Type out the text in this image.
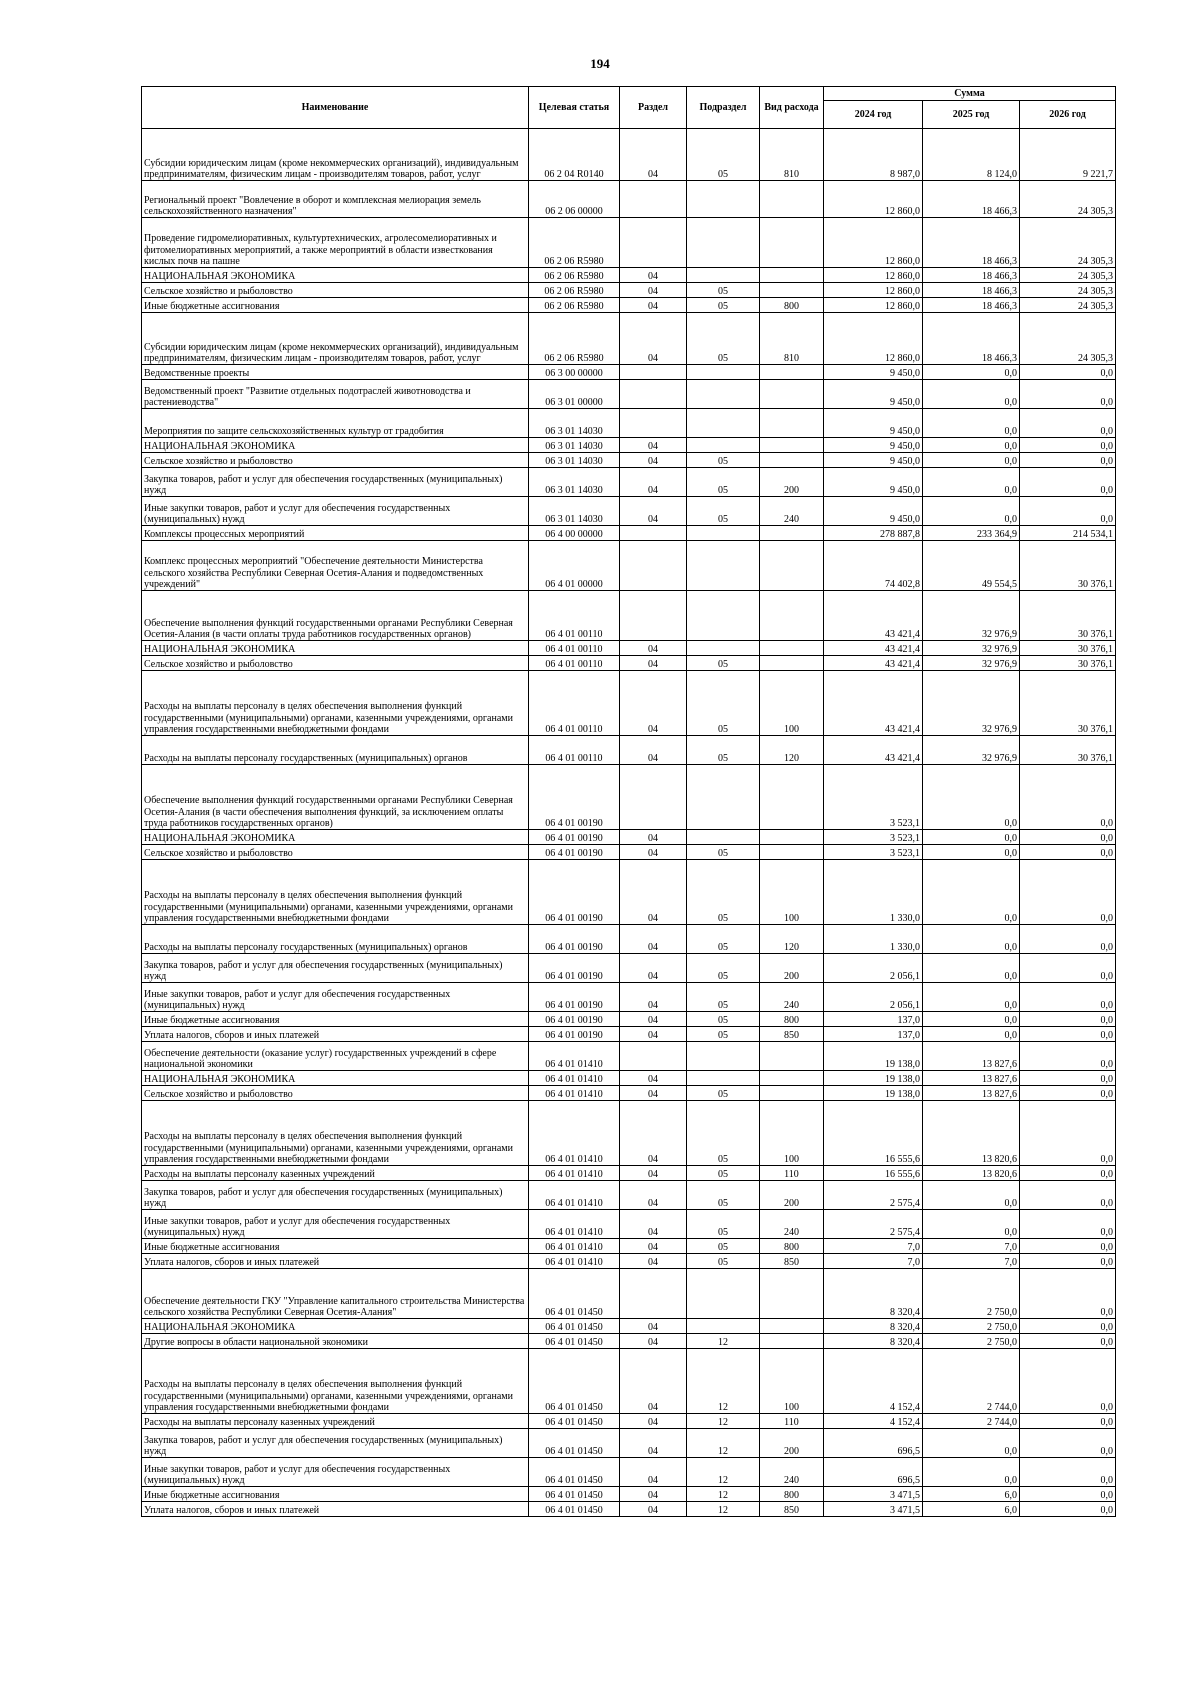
194
Наименование	Целевая статья	Раздел	Подраздел	Вид расхода	Сумма		
					2024 год	2025 год	2026 год
Субсидии юридическим лицам (кроме некоммерческих организаций), индивидуальным предпринимателям, физическим лицам - производителям товаров, работ, услуг	06 2 04 R0140	04	05	810	8 987,0	8 124,0	9 221,7
Региональный проект "Вовлечение в оборот и комплексная мелиорация земель сельскохозяйственного назначения"	06 2 06 00000				12 860,0	18 466,3	24 305,3
Проведение гидромелиоративных, культуртехнических, агролесомелиоративных и фитомелиоративных мероприятий, а также мероприятий в области известкования кислых почв на пашне	06 2 06 R5980				12 860,0	18 466,3	24 305,3
НАЦИОНАЛЬНАЯ ЭКОНОМИКА	06 2 06 R5980	04			12 860,0	18 466,3	24 305,3
Сельское хозяйство и рыболовство	06 2 06 R5980	04	05		12 860,0	18 466,3	24 305,3
Иные бюджетные ассигнования	06 2 06 R5980	04	05	800	12 860,0	18 466,3	24 305,3
Субсидии юридическим лицам (кроме некоммерческих организаций), индивидуальным предпринимателям, физическим лицам - производителям товаров, работ, услуг	06 2 06 R5980	04	05	810	12 860,0	18 466,3	24 305,3
Ведомственные проекты	06 3 00 00000				9 450,0	0,0	0,0
Ведомственный проект "Развитие отдельных подотраслей животноводства и растениеводства"	06 3 01 00000				9 450,0	0,0	0,0
Мероприятия по защите сельскохозяйственных культур от градобития	06 3 01 14030				9 450,0	0,0	0,0
НАЦИОНАЛЬНАЯ ЭКОНОМИКА	06 3 01 14030	04			9 450,0	0,0	0,0
Сельское хозяйство и рыболовство	06 3 01 14030	04	05		9 450,0	0,0	0,0
Закупка товаров, работ и услуг для обеспечения государственных (муниципальных) нужд	06 3 01 14030	04	05	200	9 450,0	0,0	0,0
Иные закупки товаров, работ и услуг для обеспечения государственных (муниципальных) нужд	06 3 01 14030	04	05	240	9 450,0	0,0	0,0
Комплексы процессных мероприятий	06 4 00 00000				278 887,8	233 364,9	214 534,1
Комплекс процессных мероприятий "Обеспечение деятельности Министерства сельского хозяйства Республики Северная Осетия-Алания и подведомственных учреждений"	06 4 01 00000				74 402,8	49 554,5	30 376,1
Обеспечение выполнения функций государственными органами Республики Северная Осетия-Алания (в части оплаты труда работников государственных органов)	06 4 01 00110				43 421,4	32 976,9	30 376,1
НАЦИОНАЛЬНАЯ ЭКОНОМИКА	06 4 01 00110	04			43 421,4	32 976,9	30 376,1
Сельское хозяйство и рыболовство	06 4 01 00110	04	05		43 421,4	32 976,9	30 376,1
Расходы на выплаты персоналу в целях обеспечения выполнения функций государственными (муниципальными) органами, казенными учреждениями, органами управления государственными внебюджетными фондами	06 4 01 00110	04	05	100	43 421,4	32 976,9	30 376,1
Расходы на выплаты персоналу государственных (муниципальных) органов	06 4 01 00110	04	05	120	43 421,4	32 976,9	30 376,1
Обеспечение выполнения функций государственными органами Республики Северная Осетия-Алания (в части обеспечения выполнения функций, за исключением оплаты труда работников государственных органов)	06 4 01 00190				3 523,1	0,0	0,0
НАЦИОНАЛЬНАЯ ЭКОНОМИКА	06 4 01 00190	04			3 523,1	0,0	0,0
Сельское хозяйство и рыболовство	06 4 01 00190	04	05		3 523,1	0,0	0,0
Расходы на выплаты персоналу в целях обеспечения выполнения функций государственными (муниципальными) органами, казенными учреждениями, органами управления государственными внебюджетными фондами	06 4 01 00190	04	05	100	1 330,0	0,0	0,0
Расходы на выплаты персоналу государственных (муниципальных) органов	06 4 01 00190	04	05	120	1 330,0	0,0	0,0
Закупка товаров, работ и услуг для обеспечения государственных (муниципальных) нужд	06 4 01 00190	04	05	200	2 056,1	0,0	0,0
Иные закупки товаров, работ и услуг для обеспечения государственных (муниципальных) нужд	06 4 01 00190	04	05	240	2 056,1	0,0	0,0
Иные бюджетные ассигнования	06 4 01 00190	04	05	800	137,0	0,0	0,0
Уплата налогов, сборов и иных платежей	06 4 01 00190	04	05	850	137,0	0,0	0,0
Обеспечение деятельности (оказание услуг) государственных учреждений в сфере национальной экономики	06 4 01 01410				19 138,0	13 827,6	0,0
НАЦИОНАЛЬНАЯ ЭКОНОМИКА	06 4 01 01410	04			19 138,0	13 827,6	0,0
Сельское хозяйство и рыболовство	06 4 01 01410	04	05		19 138,0	13 827,6	0,0
Расходы на выплаты персоналу в целях обеспечения выполнения функций государственными (муниципальными) органами, казенными учреждениями, органами управления государственными внебюджетными фондами	06 4 01 01410	04	05	100	16 555,6	13 820,6	0,0
Расходы на выплаты персоналу казенных учреждений	06 4 01 01410	04	05	110	16 555,6	13 820,6	0,0
Закупка товаров, работ и услуг для обеспечения государственных (муниципальных) нужд	06 4 01 01410	04	05	200	2 575,4	0,0	0,0
Иные закупки товаров, работ и услуг для обеспечения государственных (муниципальных) нужд	06 4 01 01410	04	05	240	2 575,4	0,0	0,0
Иные бюджетные ассигнования	06 4 01 01410	04	05	800	7,0	7,0	0,0
Уплата налогов, сборов и иных платежей	06 4 01 01410	04	05	850	7,0	7,0	0,0
Обеспечение деятельности ГКУ "Управление капитального строительства Министерства сельского хозяйства Республики Северная Осетия-Алания"	06 4 01 01450				8 320,4	2 750,0	0,0
НАЦИОНАЛЬНАЯ ЭКОНОМИКА	06 4 01 01450	04			8 320,4	2 750,0	0,0
Другие вопросы в области национальной экономики	06 4 01 01450	04	12		8 320,4	2 750,0	0,0
Расходы на выплаты персоналу в целях обеспечения выполнения функций государственными (муниципальными) органами, казенными учреждениями, органами управления государственными внебюджетными фондами	06 4 01 01450	04	12	100	4 152,4	2 744,0	0,0
Расходы на выплаты персоналу казенных учреждений	06 4 01 01450	04	12	110	4 152,4	2 744,0	0,0
Закупка товаров, работ и услуг для обеспечения государственных (муниципальных) нужд	06 4 01 01450	04	12	200	696,5	0,0	0,0
Иные закупки товаров, работ и услуг для обеспечения государственных (муниципальных) нужд	06 4 01 01450	04	12	240	696,5	0,0	0,0
Иные бюджетные ассигнования	06 4 01 01450	04	12	800	3 471,5	6,0	0,0
Уплата налогов, сборов и иных платежей	06 4 01 01450	04	12	850	3 471,5	6,0	0,0
